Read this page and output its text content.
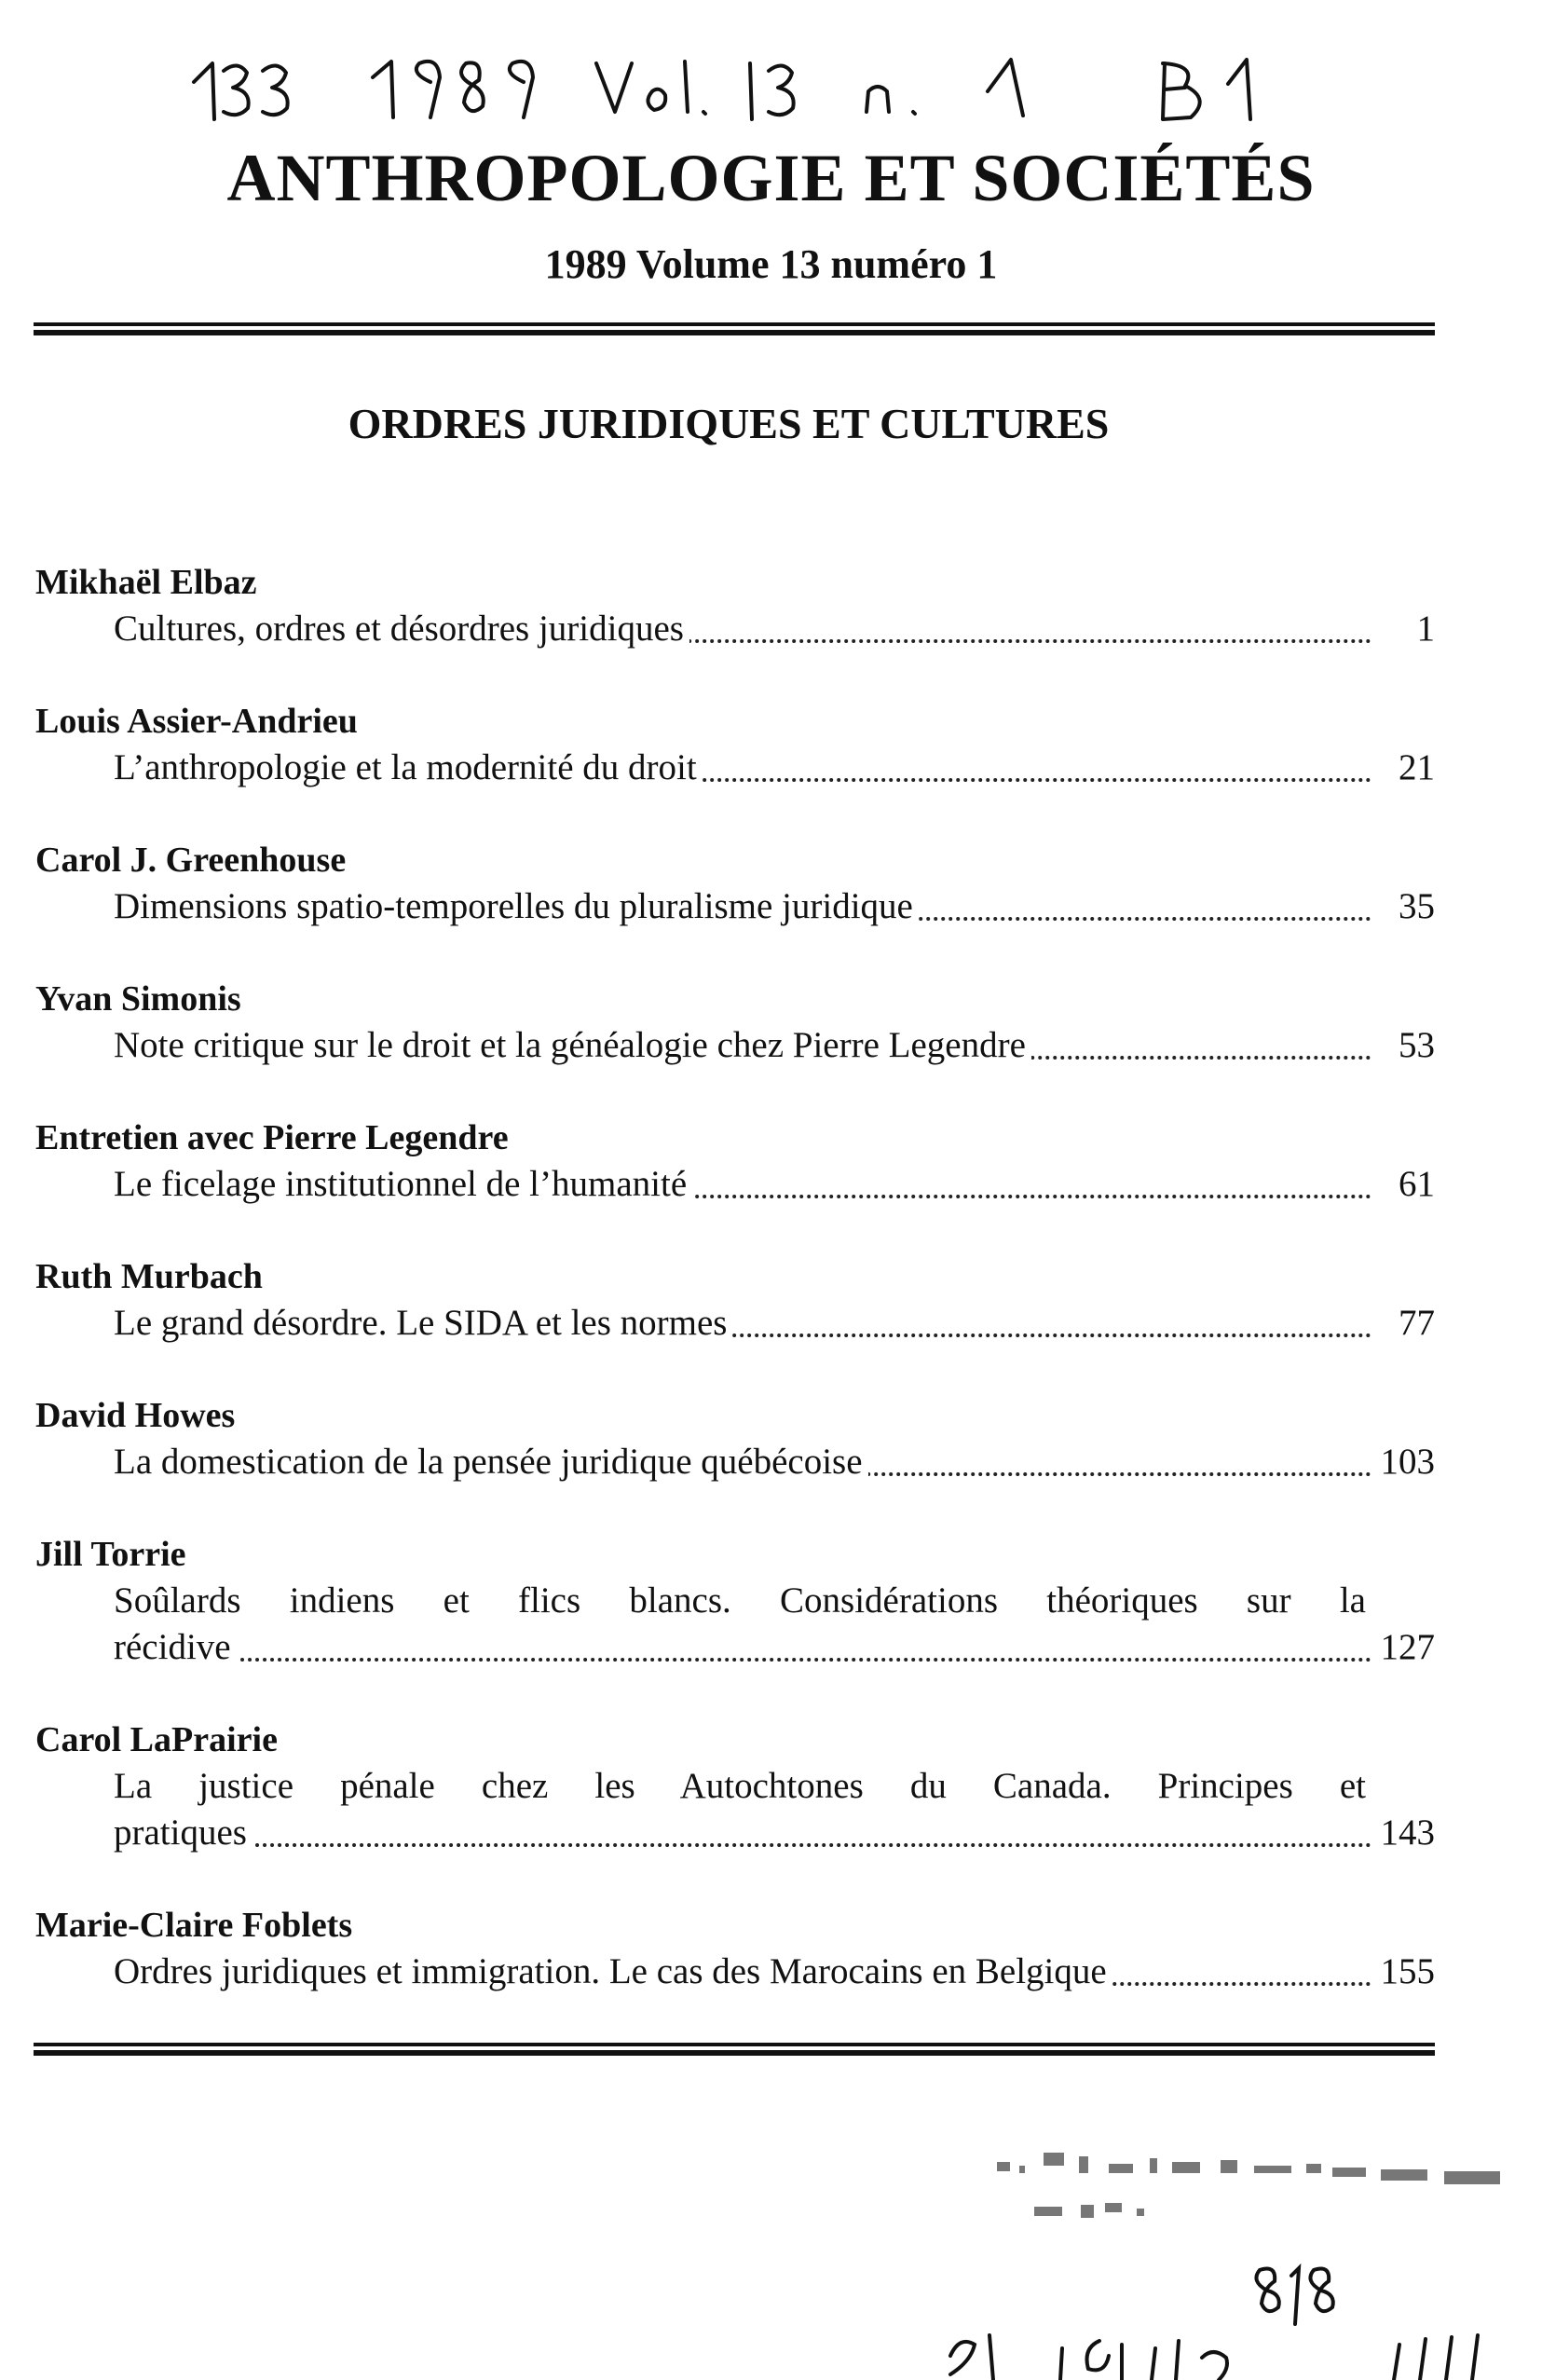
ANTHROPOLOGIE ET SOCIÉTÉS
1989 Volume 13 numéro 1
ORDRES JURIDIQUES ET CULTURES
Mikhaël Elbaz
Cultures, ordres et désordres juridiques	1
Louis Assier-Andrieu
L’anthropologie et la modernité du droit	21
Carol J. Greenhouse
Dimensions spatio-temporelles du pluralisme juridique	35
Yvan Simonis
Note critique sur le droit et la généalogie chez Pierre Legendre	53
Entretien avec Pierre Legendre
Le ficelage institutionnel de l’humanité	61
Ruth Murbach
Le grand désordre. Le SIDA et les normes	77
David Howes
La domestication de la pensée juridique québécoise	103
Jill Torrie
Soûlards indiens et flics blancs. Considérations théoriques sur la
récidive	127
Carol LaPrairie
La justice pénale chez les Autochtones du Canada. Principes et
pratiques	143
Marie-Claire Foblets
Ordres juridiques et immigration. Le cas des Marocains en Belgique	155
